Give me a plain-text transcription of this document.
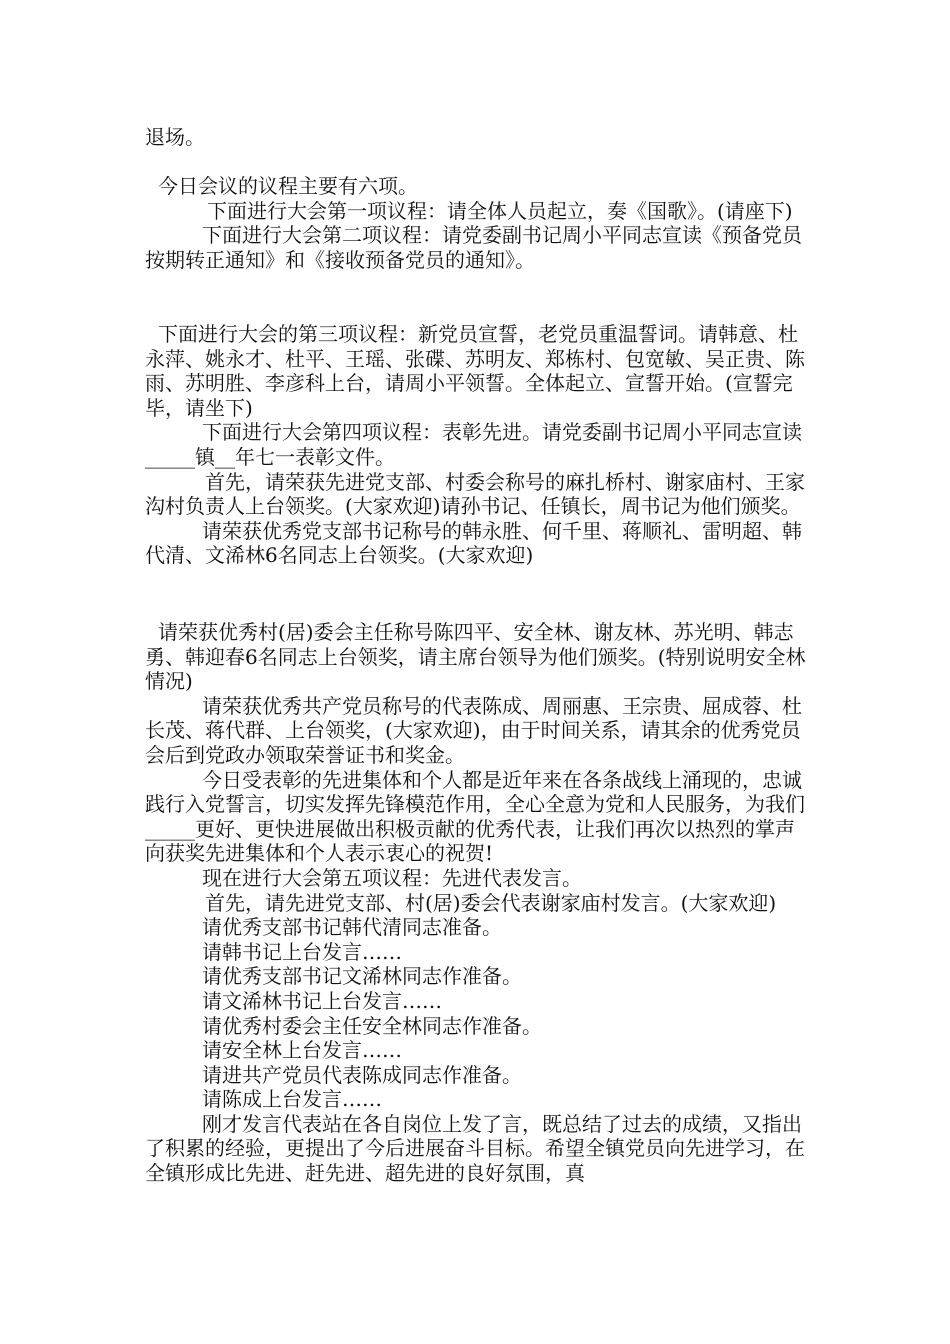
退场。

今日会议的议程主要有六项。

下面进行大会第一项议程：请全体人员起立，奏《国歌》。(请座下)

下面进行大会第二项议程：请党委副书记周小平同志宣读《预备党员按期转正通知》和《接收预备党员的通知》。

下面进行大会的第三项议程：新党员宣誓，老党员重温誓词。请韩意、杜永萍、姚永才、杜平、王瑶、张碟、苏明友、郑栋村、包宽敏、吴正贵、陈雨、苏明胜、李彦科上台，请周小平领誓。全体起立、宣誓开始。(宣誓完毕，请坐下)

下面进行大会第四项议程：表彰先进。请党委副书记周小平同志宣读_____镇__年七一表彰文件。

首先，请荣获先进党支部、村委会称号的麻扎桥村、谢家庙村、王家沟村负责人上台领奖。(大家欢迎)请孙书记、任镇长，周书记为他们颁奖。

请荣获优秀党支部书记称号的韩永胜、何千里、蒋顺礼、雷明超、韩代清、文浠林6名同志上台领奖。(大家欢迎)

请荣获优秀村(居)委会主任称号陈四平、安全林、谢友林、苏光明、韩志勇、韩迎春6名同志上台领奖，请主席台领导为他们颁奖。(特别说明安全林情况)

请荣获优秀共产党员称号的代表陈成、周丽惠、王宗贵、屈成蓉、杜长茂、蒋代群、上台领奖，(大家欢迎)，由于时间关系，请其余的优秀党员会后到党政办领取荣誉证书和奖金。

今日受表彰的先进集体和个人都是近年来在各条战线上涌现的，忠诚践行入党誓言，切实发挥先锋模范作用，全心全意为党和人民服务，为我们_____更好、更快进展做出积极贡献的优秀代表，让我们再次以热烈的掌声向获奖先进集体和个人表示衷心的祝贺!

现在进行大会第五项议程：先进代表发言。

首先，请先进党支部、村(居)委会代表谢家庙村发言。(大家欢迎)

请优秀支部书记韩代清同志准备。

请韩书记上台发言……

请优秀支部书记文浠林同志作准备。

请文浠林书记上台发言……

请优秀村委会主任安全林同志作准备。

请安全林上台发言……

请进共产党员代表陈成同志作准备。

请陈成上台发言……

刚才发言代表站在各自岗位上发了言，既总结了过去的成绩，又指出了积累的经验，更提出了今后进展奋斗目标。希望全镇党员向先进学习，在全镇形成比先进、赶先进、超先进的良好氛围，真
